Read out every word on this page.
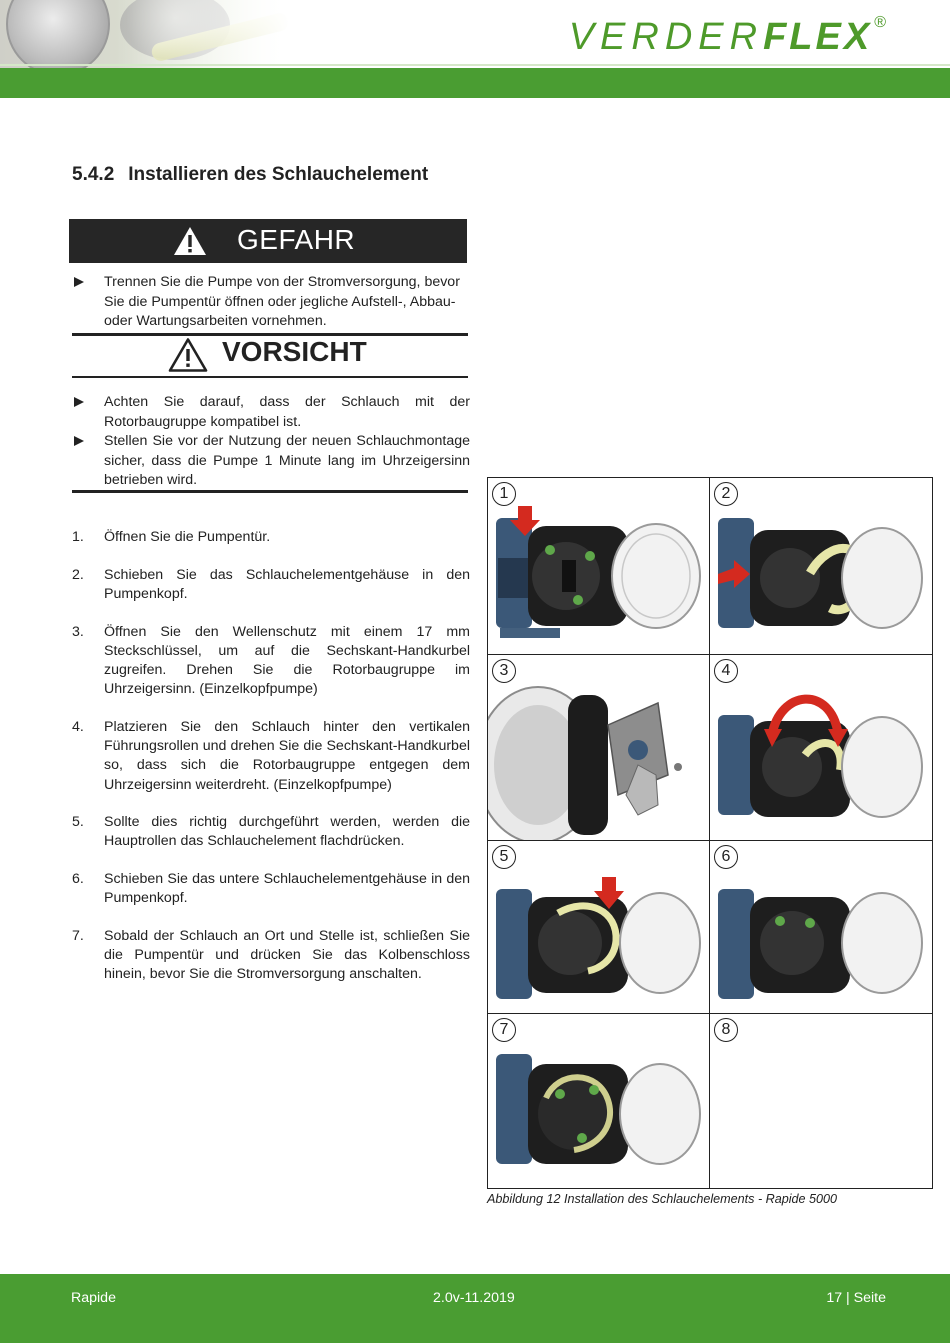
VERDERFLEX ®
5.4.2 Installieren des Schlauchelement
GEFAHR

Trennen Sie die Pumpe von der Stromversorgung, bevor Sie die Pumpentür öffnen oder jegliche Aufstell-, Abbau- oder Wartungsarbeiten vornehmen.

VORSICHT

Achten Sie darauf, dass der Schlauch mit der Rotorbaugruppe kompatibel ist.

Stellen Sie vor der Nutzung der neuen Schlauchmontage sicher, dass die Pumpe 1 Minute lang im Uhrzeigersinn betrieben wird.

1. Öffnen Sie die Pumpentür.
2. Schieben Sie das Schlauchelementgehäuse in den Pumpenkopf.
3. Öffnen Sie den Wellenschutz mit einem 17 mm Steckschlüssel, um auf die Sechskant-Handkurbel zugreifen. Drehen Sie die Rotorbaugruppe im Uhrzeigersinn. (Einzelkopfpumpe)
4. Platzieren Sie den Schlauch hinter den vertikalen Führungsrollen und drehen Sie die Sechskant-Handkurbel so, dass sich die Rotorbaugruppe entgegen dem Uhrzeigersinn weiterdreht. (Einzelkopfpumpe)
5. Sollte dies richtig durchgeführt werden, werden die Hauptrollen das Schlauchelement flachdrücken.
6. Schieben Sie das untere Schlauchelementgehäuse in den Pumpenkopf.
7. Sobald der Schlauch an Ort und Stelle ist, schließen Sie die Pumpentür und drücken Sie das Kolbenschloss hinein, bevor Sie die Stromversorgung anschalten.
1	2
3	4
5	6
7	8
Abbildung 12 Installation des Schlauchelements - Rapide 5000
Rapide	2.0v-11.2019	17 | Seite
